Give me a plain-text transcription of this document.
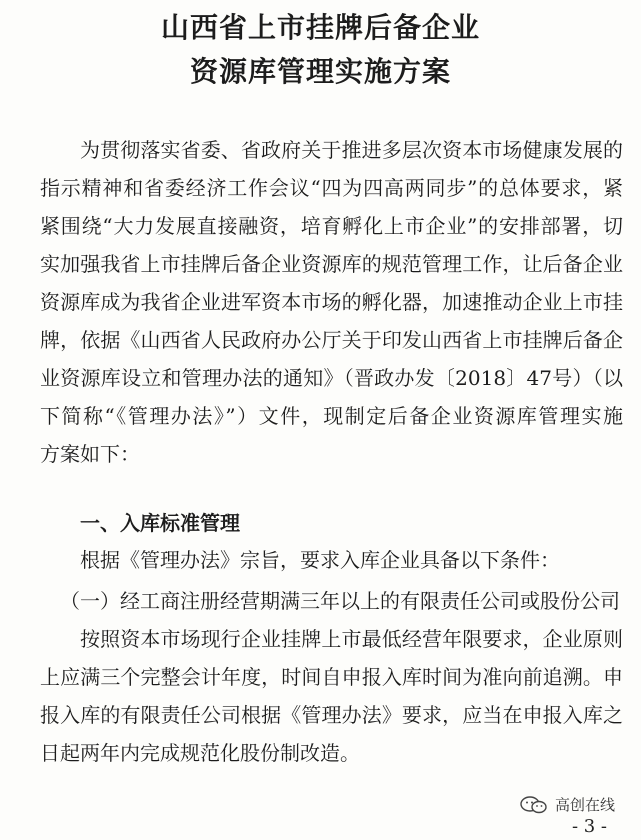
山西省上市挂牌后备企业
资源库管理实施方案
为贯彻落实省委、省政府关于推进多层次资本市场健康发展的
指示精神和省委经济工作会议“四为四高两同步”的总体要求，紧
紧围绕“大力发展直接融资，培育孵化上市企业”的安排部署，切
实加强我省上市挂牌后备企业资源库的规范管理工作，让后备企业
资源库成为我省企业进军资本市场的孵化器，加速推动企业上市挂
牌，依据《山西省人民政府办公厅关于印发山西省上市挂牌后备企
业资源库设立和管理办法的通知》（晋政办发〔2018〕47号）（以
下简称“《管理办法》”）文件，现制定后备企业资源库管理实施
方案如下：
一、入库标准管理
根据《管理办法》宗旨，要求入库企业具备以下条件：
（一）经工商注册经营期满三年以上的有限责任公司或股份公司
按照资本市场现行企业挂牌上市最低经营年限要求，企业原则
上应满三个完整会计年度，时间自申报入库时间为准向前追溯。申
报入库的有限责任公司根据《管理办法》要求，应当在申报入库之
日起两年内完成规范化股份制改造。
高创在线
- 3 -
